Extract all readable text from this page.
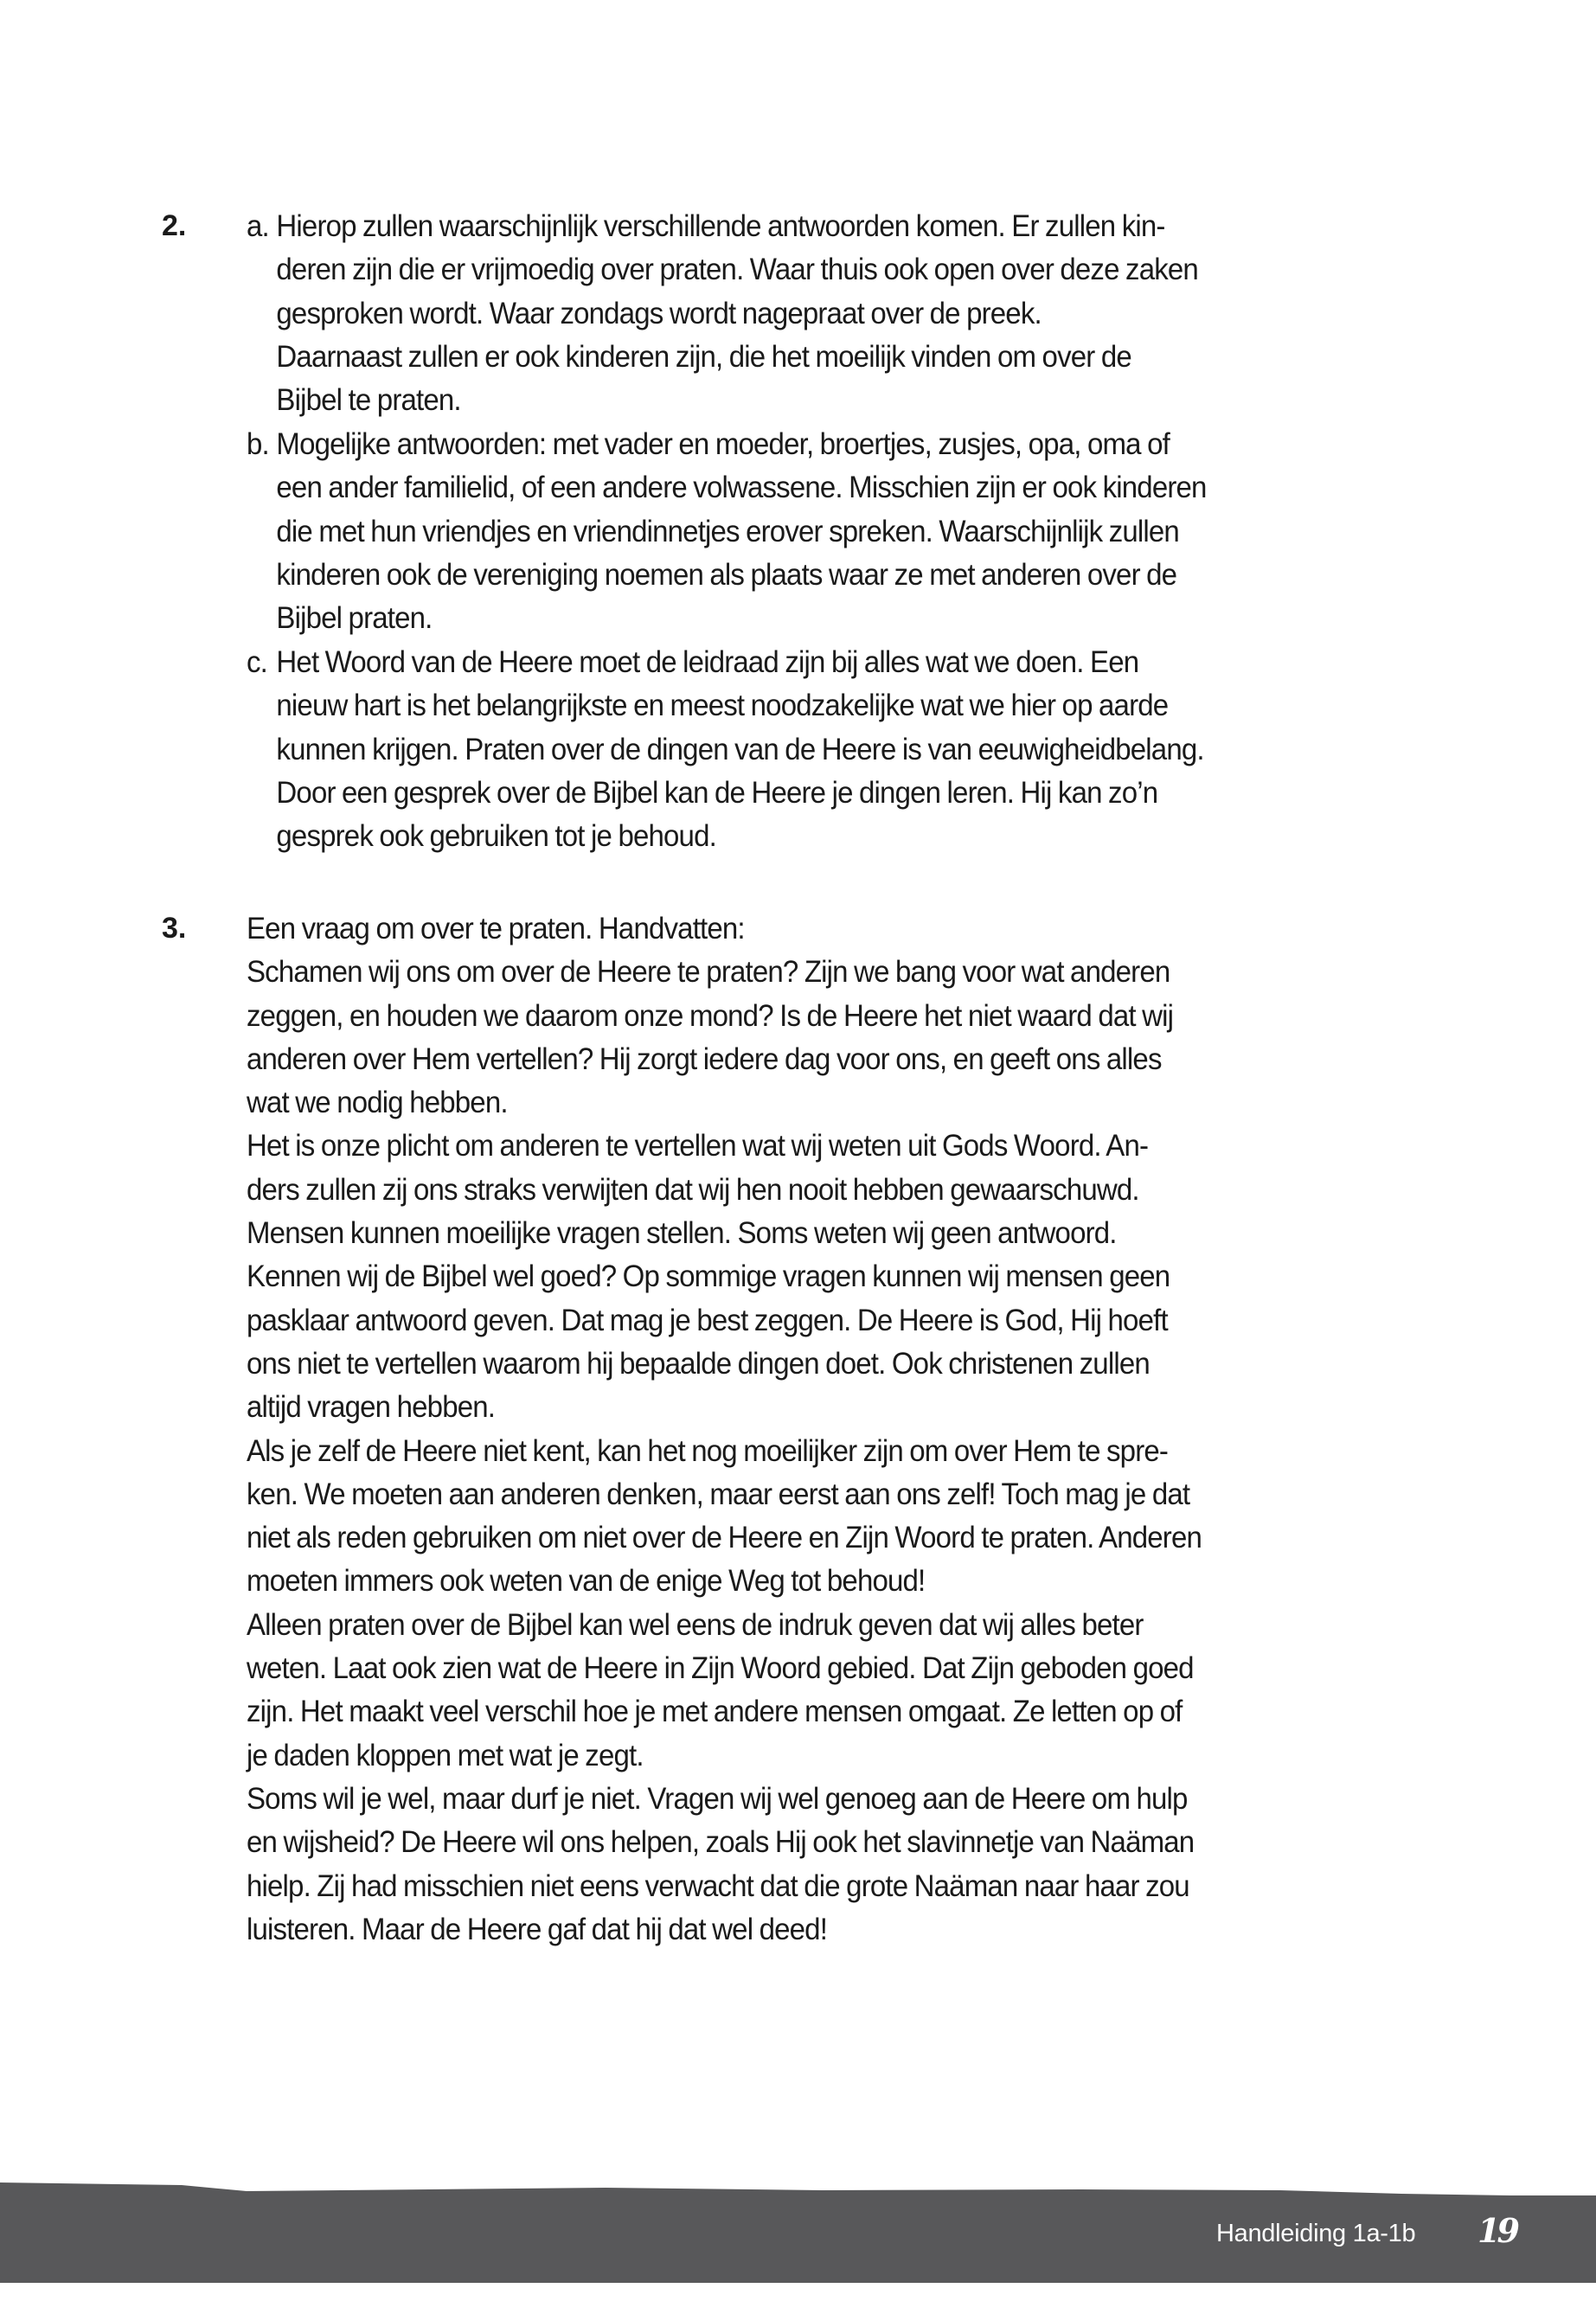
2. a. Hierop zullen waarschijnlijk verschillende antwoorden komen. Er zullen kin-
deren zijn die er vrijmoedig over praten. Waar thuis ook open over deze zaken
gesproken wordt. Waar zondags wordt nagepraat over de preek.
Daarnaast zullen er ook kinderen zijn, die het moeilijk vinden om over de
Bijbel te praten.
b. Mogelijke antwoorden: met vader en moeder, broertjes, zusjes, opa, oma of
een ander familielid, of een andere volwassene. Misschien zijn er ook kinderen
die met hun vriendjes en vriendinnetjes erover spreken. Waarschijnlijk zullen
kinderen ook de vereniging noemen als plaats waar ze met anderen over de
Bijbel praten.
c. Het Woord van de Heere moet de leidraad zijn bij alles wat we doen. Een
nieuw hart is het belangrijkste en meest noodzakelijke wat we hier op aarde
kunnen krijgen. Praten over de dingen van de Heere is van eeuwigheidbelang.
Door een gesprek over de Bijbel kan de Heere je dingen leren. Hij kan zo’n
gesprek ook gebruiken tot je behoud.
3. Een vraag om over te praten. Handvatten:
Schamen wij ons om over de Heere te praten? Zijn we bang voor wat anderen
zeggen, en houden we daarom onze mond? Is de Heere het niet waard dat wij
anderen over Hem vertellen? Hij zorgt iedere dag voor ons, en geeft ons alles
wat we nodig hebben.
Het is onze plicht om anderen te vertellen wat wij weten uit Gods Woord. An-
ders zullen zij ons straks verwijten dat wij hen nooit hebben gewaarschuwd.
Mensen kunnen moeilijke vragen stellen. Soms weten wij geen antwoord.
Kennen wij de Bijbel wel goed? Op sommige vragen kunnen wij mensen geen
pasklaar antwoord geven. Dat mag je best zeggen. De Heere is God, Hij hoeft
ons niet te vertellen waarom hij bepaalde dingen doet. Ook christenen zullen
altijd vragen hebben.
Als je zelf de Heere niet kent, kan het nog moeilijker zijn om over Hem te spre-
ken. We moeten aan anderen denken, maar eerst aan ons zelf! Toch mag je dat
niet als reden gebruiken om niet over de Heere en Zijn Woord te praten. Anderen
moeten immers ook weten van de enige Weg tot behoud!
Alleen praten over de Bijbel kan wel eens de indruk geven dat wij alles beter
weten. Laat ook zien wat de Heere in Zijn Woord gebied. Dat Zijn geboden goed
zijn. Het maakt veel verschil hoe je met andere mensen omgaat. Ze letten op of
je daden kloppen met wat je zegt.
Soms wil je wel, maar durf je niet. Vragen wij wel genoeg aan de Heere om hulp
en wijsheid? De Heere wil ons helpen, zoals Hij ook het slavinnetje van Naäman
hielp. Zij had misschien niet eens verwacht dat die grote Naäman naar haar zou
luisteren. Maar de Heere gaf dat hij dat wel deed!
Handleiding 1a-1b 19
